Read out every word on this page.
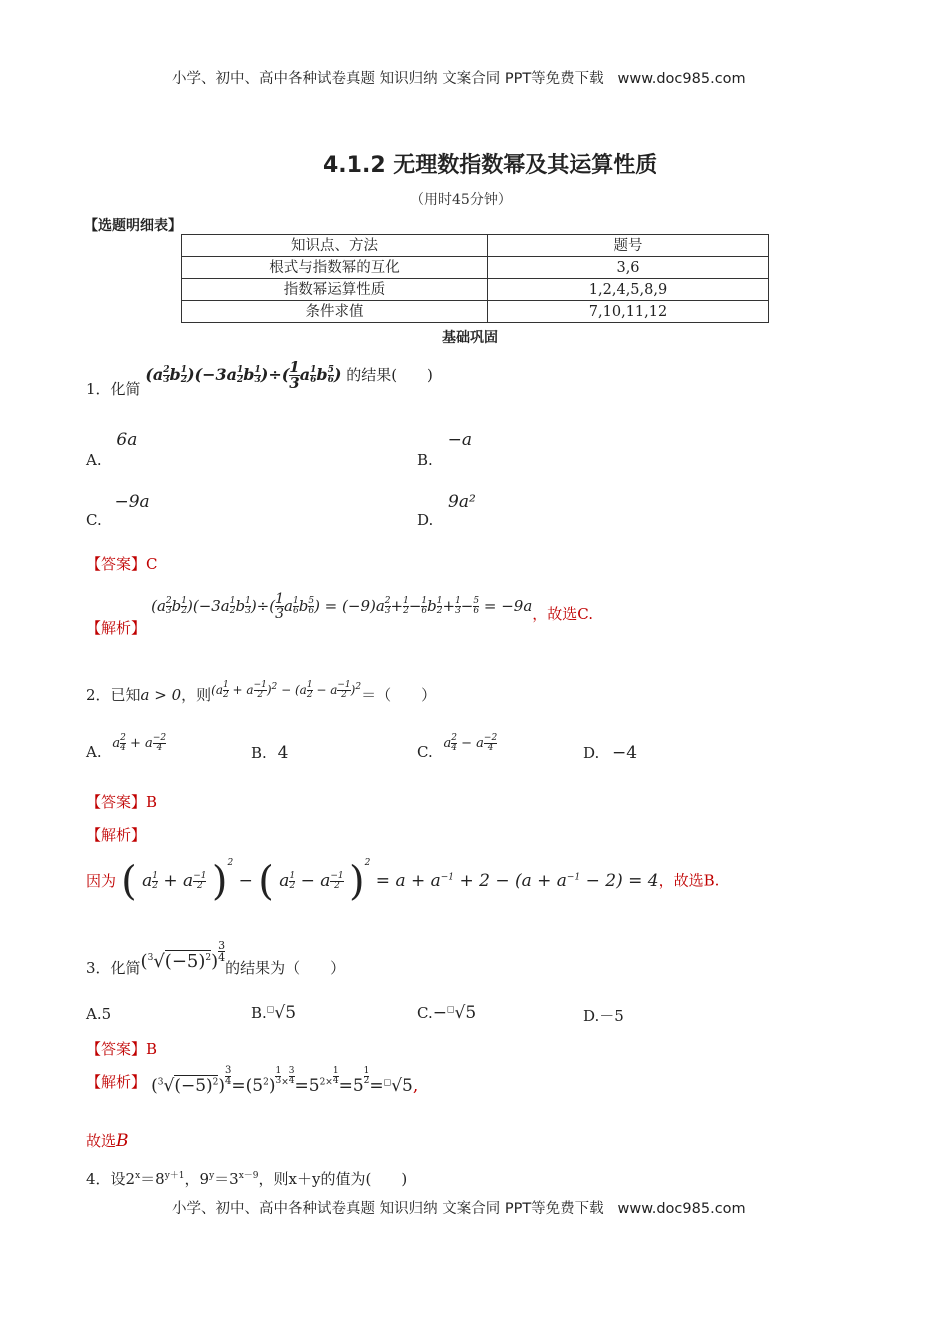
小学、初中、高中各种试卷真题 知识归纳 文案合同 PPT等免费下载 www.doc985.com
4.1.2 无理数指数幂及其运算性质
（用时45分钟）
【选题明细表】
知识点、方法	题号
根式与指数幂的互化	3,6
指数幂运算性质	1,2,4,5,8,9
条件求值	7,10,11,12
基础巩固
1．化简 ($a \frac{2}{3}$ b $\frac{1}{2} )(-3a \frac{1}{2}$ b $\frac{1}{3}$ )÷( $\frac{1}{3}$ a $\frac{1}{6}$ b $\frac{5}{6}$ ) 的结果(　　)
A. 6a
B. −a
C. −9a
D. 9a²
【答案】C
【解析】 ($a \frac{2}{3}$ b $\frac{1}{2} )(-3a \frac{1}{2}$ b $\frac{1}{3}$ )÷( $\frac{1}{3}$ a $\frac{1}{6}$ b $\frac{5}{6}$ ) = $(-9)a \frac{2}{3} + \frac{1}{2} - \frac{1}{6}$ b $\frac{1}{2} + \frac{1}{3} - \frac{5}{6} = -9a$，故选C.
2．已知a > 0，则$(a \frac{1}{2} + a \frac{-1}{2} )^2 - (a \frac{1}{2} - a \frac{-1}{2} )^2=$（　　）
A. a $\frac{2}{4} + a \frac{-2}{4}$	B. 4	C. a $\frac{2}{4} - a \frac{-2}{4}$	D. −4
【答案】B
【解析】
因为 ( a $\frac{1}{2} + a \frac{-1}{2} )^2$ − ( a $\frac{1}{2} - a \frac{-1}{2} )^2 = a + a^{-1} + 2 - (a + a^{-1} - 2) = 4$，故选B.
3．化简$(^3√(-5)^2) \frac{3}{4}$
的结果为（　　）
A.5	B.□√5	C.−□√5	D.－5
【答案】B
【解析】 $(^3√(-5)^2) \frac{3}{4} =(5^2) \frac{1}{3} ^\times \frac{3}{4} =5^{2\times} \frac{1}{4} =5 \frac{1}{2} =^□√5$,
故选B
4．设$2^x=8^{y+1}$，$9^y=3^{x-9}$，则x＋y的值为(　　)
小学、初中、高中各种试卷真题 知识归纳 文案合同 PPT等免费下载 www.doc985.com
